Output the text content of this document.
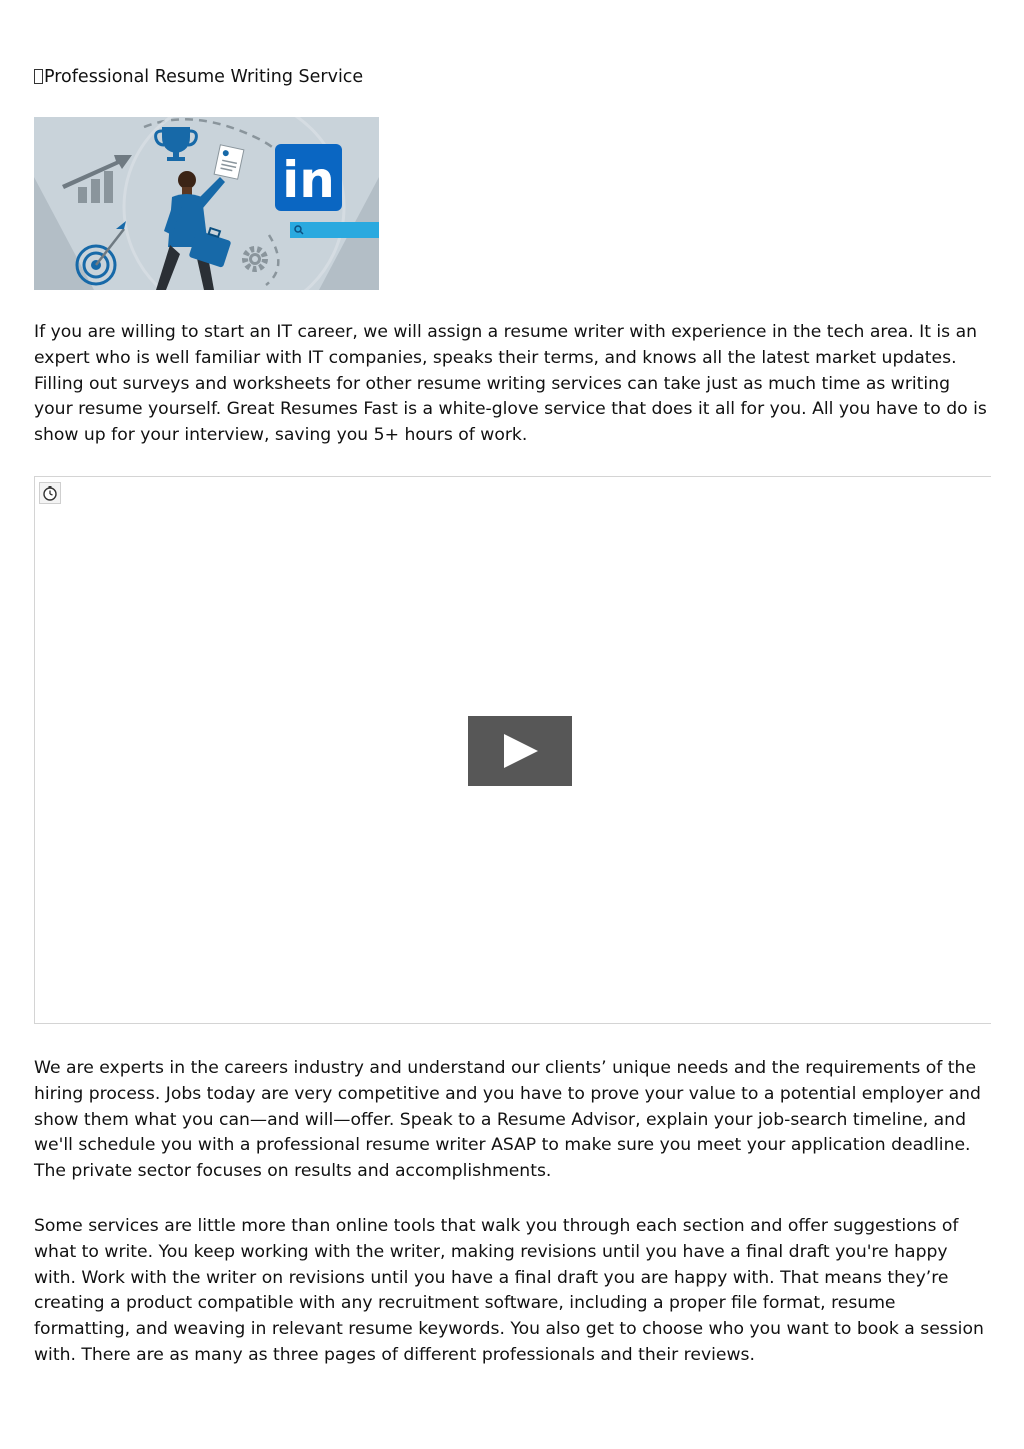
Professional Resume Writing Service
in

If you are willing to start an IT career, we will assign a resume writer with experience in the tech area. It is an expert who is well familiar with IT companies, speaks their terms, and knows all the latest market updates. Filling out surveys and worksheets for other resume writing services can take just as much time as writing your resume yourself. Great Resumes Fast is a white-glove service that does it all for you. All you have to do is show up for your interview, saving you 5+ hours of work.

We are experts in the careers industry and understand our clients’ unique needs and the requirements of the hiring process. Jobs today are very competitive and you have to prove your value to a potential employer and show them what you can—and will—offer. Speak to a Resume Advisor, explain your job-search timeline, and we'll schedule you with a professional resume writer ASAP to make sure you meet your application deadline. The private sector focuses on results and accomplishments.

Some services are little more than online tools that walk you through each section and offer suggestions of what to write. You keep working with the writer, making revisions until you have a final draft you're happy with. Work with the writer on revisions until you have a final draft you are happy with. That means they’re creating a product compatible with any recruitment software, including a proper file format, resume formatting, and weaving in relevant resume keywords. You also get to choose who you want to book a session with. There are as many as three pages of different professionals and their reviews.
